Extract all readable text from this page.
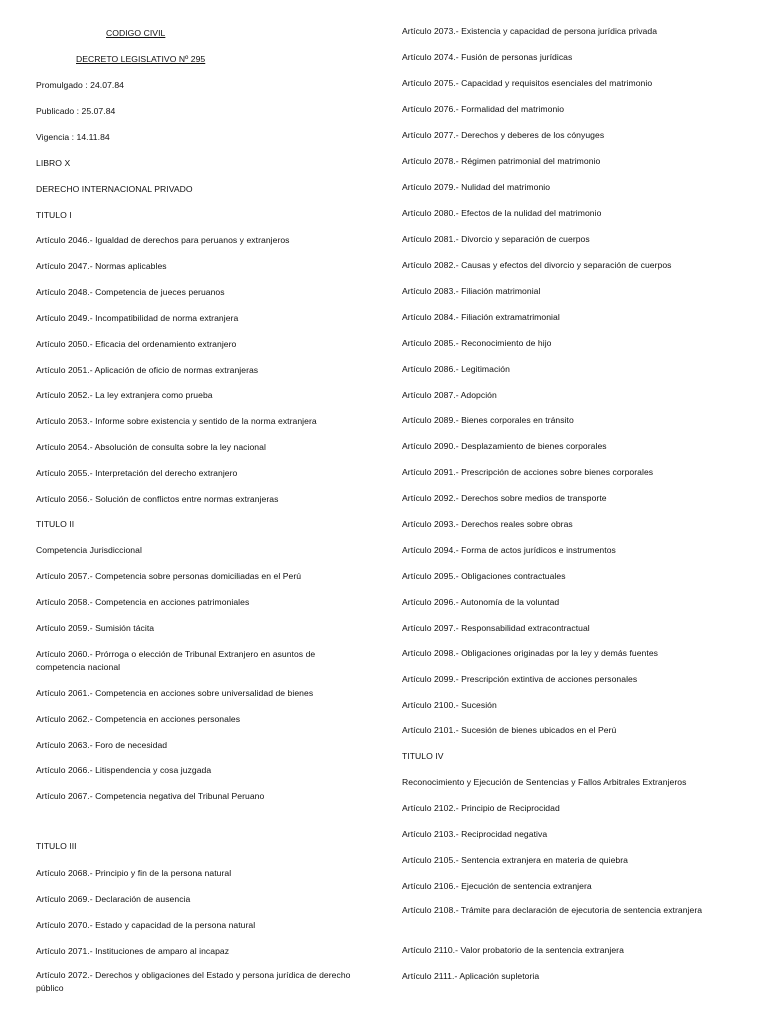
CODIGO CIVIL
DECRETO LEGISLATIVO Nº 295
Promulgado : 24.07.84
Publicado : 25.07.84
Vigencia : 14.11.84
LIBRO X
DERECHO INTERNACIONAL PRIVADO
TITULO I
Artículo 2046.- Igualdad de derechos para peruanos y extranjeros
Artículo 2047.- Normas aplicables
Artículo 2048.- Competencia de jueces peruanos
Artículo 2049.- Incompatibilidad de norma extranjera
Artículo 2050.- Eficacia del ordenamiento extranjero
Artículo 2051.- Aplicación de oficio de normas extranjeras
Artículo 2052.- La ley extranjera como prueba
Artículo 2053.- Informe sobre existencia y sentido de la norma extranjera
Artículo 2054.- Absolución de consulta sobre la ley nacional
Artículo 2055.- Interpretación del derecho extranjero
Artículo 2056.- Solución de conflictos entre normas extranjeras
TITULO II
Competencia Jurisdiccional
Artículo 2057.- Competencia sobre personas domiciliadas en el Perú
Artículo 2058.- Competencia en acciones patrimoniales
Artículo 2059.- Sumisión tácita
Artículo 2060.- Prórroga o elección de Tribunal Extranjero en asuntos de competencia nacional
Artículo 2061.- Competencia en acciones sobre universalidad de bienes
Artículo 2062.- Competencia en acciones personales
Artículo 2063.- Foro de necesidad
Artículo 2066.- Litispendencia y cosa juzgada
Artículo 2067.- Competencia negativa del Tribunal Peruano
TITULO III
Artículo 2068.- Principio y fin de la persona natural
Artículo 2069.- Declaración de ausencia
Artículo 2070.- Estado y capacidad de la persona natural
Artículo 2071.- Instituciones de amparo al incapaz
Artículo 2072.- Derechos y obligaciones del Estado y persona jurídica de derecho público
Artículo 2073.- Existencia y capacidad de persona jurídica privada
Artículo 2074.- Fusión de personas jurídicas
Artículo 2075.- Capacidad y requisitos esenciales del matrimonio
Artículo 2076.- Formalidad del matrimonio
Artículo 2077.- Derechos y deberes de los cónyuges
Artículo 2078.- Régimen patrimonial del matrimonio
Artículo 2079.- Nulidad del matrimonio
Artículo 2080.- Efectos de la nulidad del matrimonio
Artículo 2081.- Divorcio y separación de cuerpos
Artículo 2082.- Causas y efectos del divorcio y separación de cuerpos
Artículo 2083.- Filiación matrimonial
Artículo 2084.- Filiación extramatrimonial
Artículo 2085.- Reconocimiento de hijo
Artículo 2086.- Legitimación
Artículo 2087.- Adopción
Artículo 2089.- Bienes corporales en tránsito
Artículo 2090.- Desplazamiento de bienes corporales
Artículo 2091.- Prescripción de acciones sobre bienes corporales
Artículo 2092.- Derechos sobre medios de transporte
Artículo 2093.- Derechos reales sobre obras
Artículo 2094.- Forma de actos jurídicos e instrumentos
Artículo 2095.- Obligaciones contractuales
Artículo 2096.- Autonomía de la voluntad
Artículo 2097.- Responsabilidad extracontractual
Artículo 2098.- Obligaciones originadas por la ley y demás fuentes
Artículo 2099.- Prescripción extintiva de acciones personales
Artículo 2100.- Sucesión
Artículo 2101.- Sucesión de bienes ubicados en el Perú
TITULO IV
Reconocimiento y Ejecución de Sentencias y Fallos Arbitrales Extranjeros
Artículo 2102.- Principio de Reciprocidad
Artículo 2103.- Reciprocidad negativa
Artículo 2105.- Sentencia extranjera en materia de quiebra
Artículo 2106.- Ejecución de sentencia extranjera
Artículo 2108.- Trámite para declaración de ejecutoria de sentencia extranjera
Artículo 2110.- Valor probatorio de la sentencia extranjera
Artículo 2111.- Aplicación supletoria
